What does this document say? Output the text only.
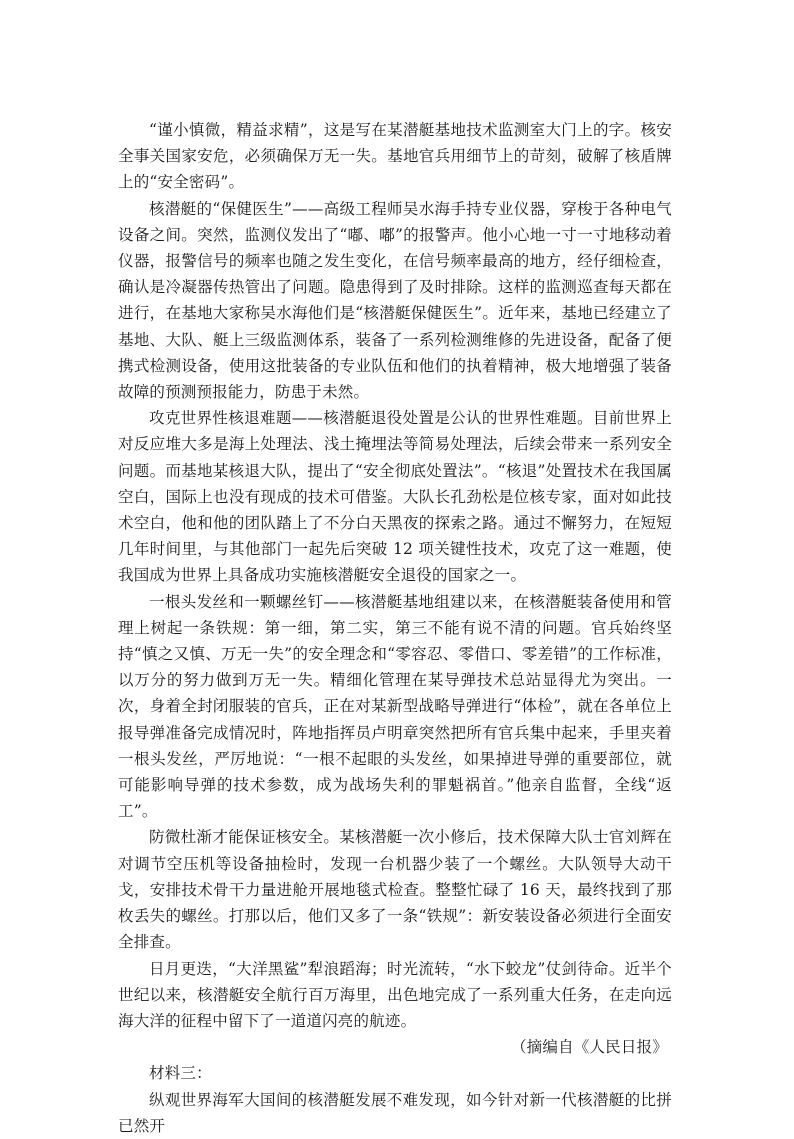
“谨小慎微，精益求精”，这是写在某潜艇基地技术监测室大门上的字。核安全事关国家安危，必须确保万无一失。基地官兵用细节上的苛刻，破解了核盾牌上的“安全密码”。

核潜艇的“保健医生”——高级工程师吴水海手持专业仪器，穿梭于各种电气设备之间。突然，监测仪发出了“嘟、嘟”的报警声。他小心地一寸一寸地移动着仪器，报警信号的频率也随之发生变化，在信号频率最高的地方，经仔细检查，确认是冷凝器传热管出了问题。隐患得到了及时排除。这样的监测巡查每天都在进行，在基地大家称吴水海他们是“核潜艇保健医生”。近年来，基地已经建立了基地、大队、艇上三级监测体系，装备了一系列检测维修的先进设备，配备了便携式检测设备，使用这批装备的专业队伍和他们的执着精神，极大地增强了装备故障的预测预报能力，防患于未然。

攻克世界性核退难题——核潜艇退役处置是公认的世界性难题。目前世界上对反应堆大多是海上处理法、浅土掩埋法等简易处理法，后续会带来一系列安全问题。而基地某核退大队，提出了“安全彻底处置法”。“核退”处置技术在我国属空白，国际上也没有现成的技术可借鉴。大队长孔劲松是位核专家，面对如此技术空白，他和他的团队踏上了不分白天黑夜的探索之路。通过不懈努力，在短短几年时间里，与其他部门一起先后突破 12 项关键性技术，攻克了这一难题，使我国成为世界上具备成功实施核潜艇安全退役的国家之一。

一根头发丝和一颗螺丝钉——核潜艇基地组建以来，在核潜艇装备使用和管理上树起一条铁规：第一细，第二实，第三不能有说不清的问题。官兵始终坚持“慎之又慎、万无一失”的安全理念和“零容忍、零借口、零差错”的工作标准，以万分的努力做到万无一失。精细化管理在某导弹技术总站显得尤为突出。一次，身着全封闭服装的官兵，正在对某新型战略导弹进行“体检”，就在各单位上报导弹准备完成情况时，阵地指挥员卢明章突然把所有官兵集中起来，手里夹着一根头发丝，严厉地说：“一根不起眼的头发丝，如果掉进导弹的重要部位，就可能影响导弹的技术参数，成为战场失利的罪魁祸首。”他亲自监督，全线“返工”。

防微杜渐才能保证核安全。某核潜艇一次小修后，技术保障大队士官刘辉在对调节空压机等设备抽检时，发现一台机器少装了一个螺丝。大队领导大动干戈，安排技术骨干力量进舱开展地毯式检查。整整忙碌了 16 天，最终找到了那枚丢失的螺丝。打那以后，他们又多了一条“铁规”：新安装设备必须进行全面安全排查。

日月更迭，“大洋黑鲨”犁浪蹈海；时光流转，“水下蛟龙”仗剑待命。近半个世纪以来，核潜艇安全航行百万海里，出色地完成了一系列重大任务，在走向远海大洋的征程中留下了一道道闪亮的航迹。

（摘编自《人民日报》

材料三：

纵观世界海军大国间的核潜艇发展不难发现，如今针对新一代核潜艇的比拼已然开
